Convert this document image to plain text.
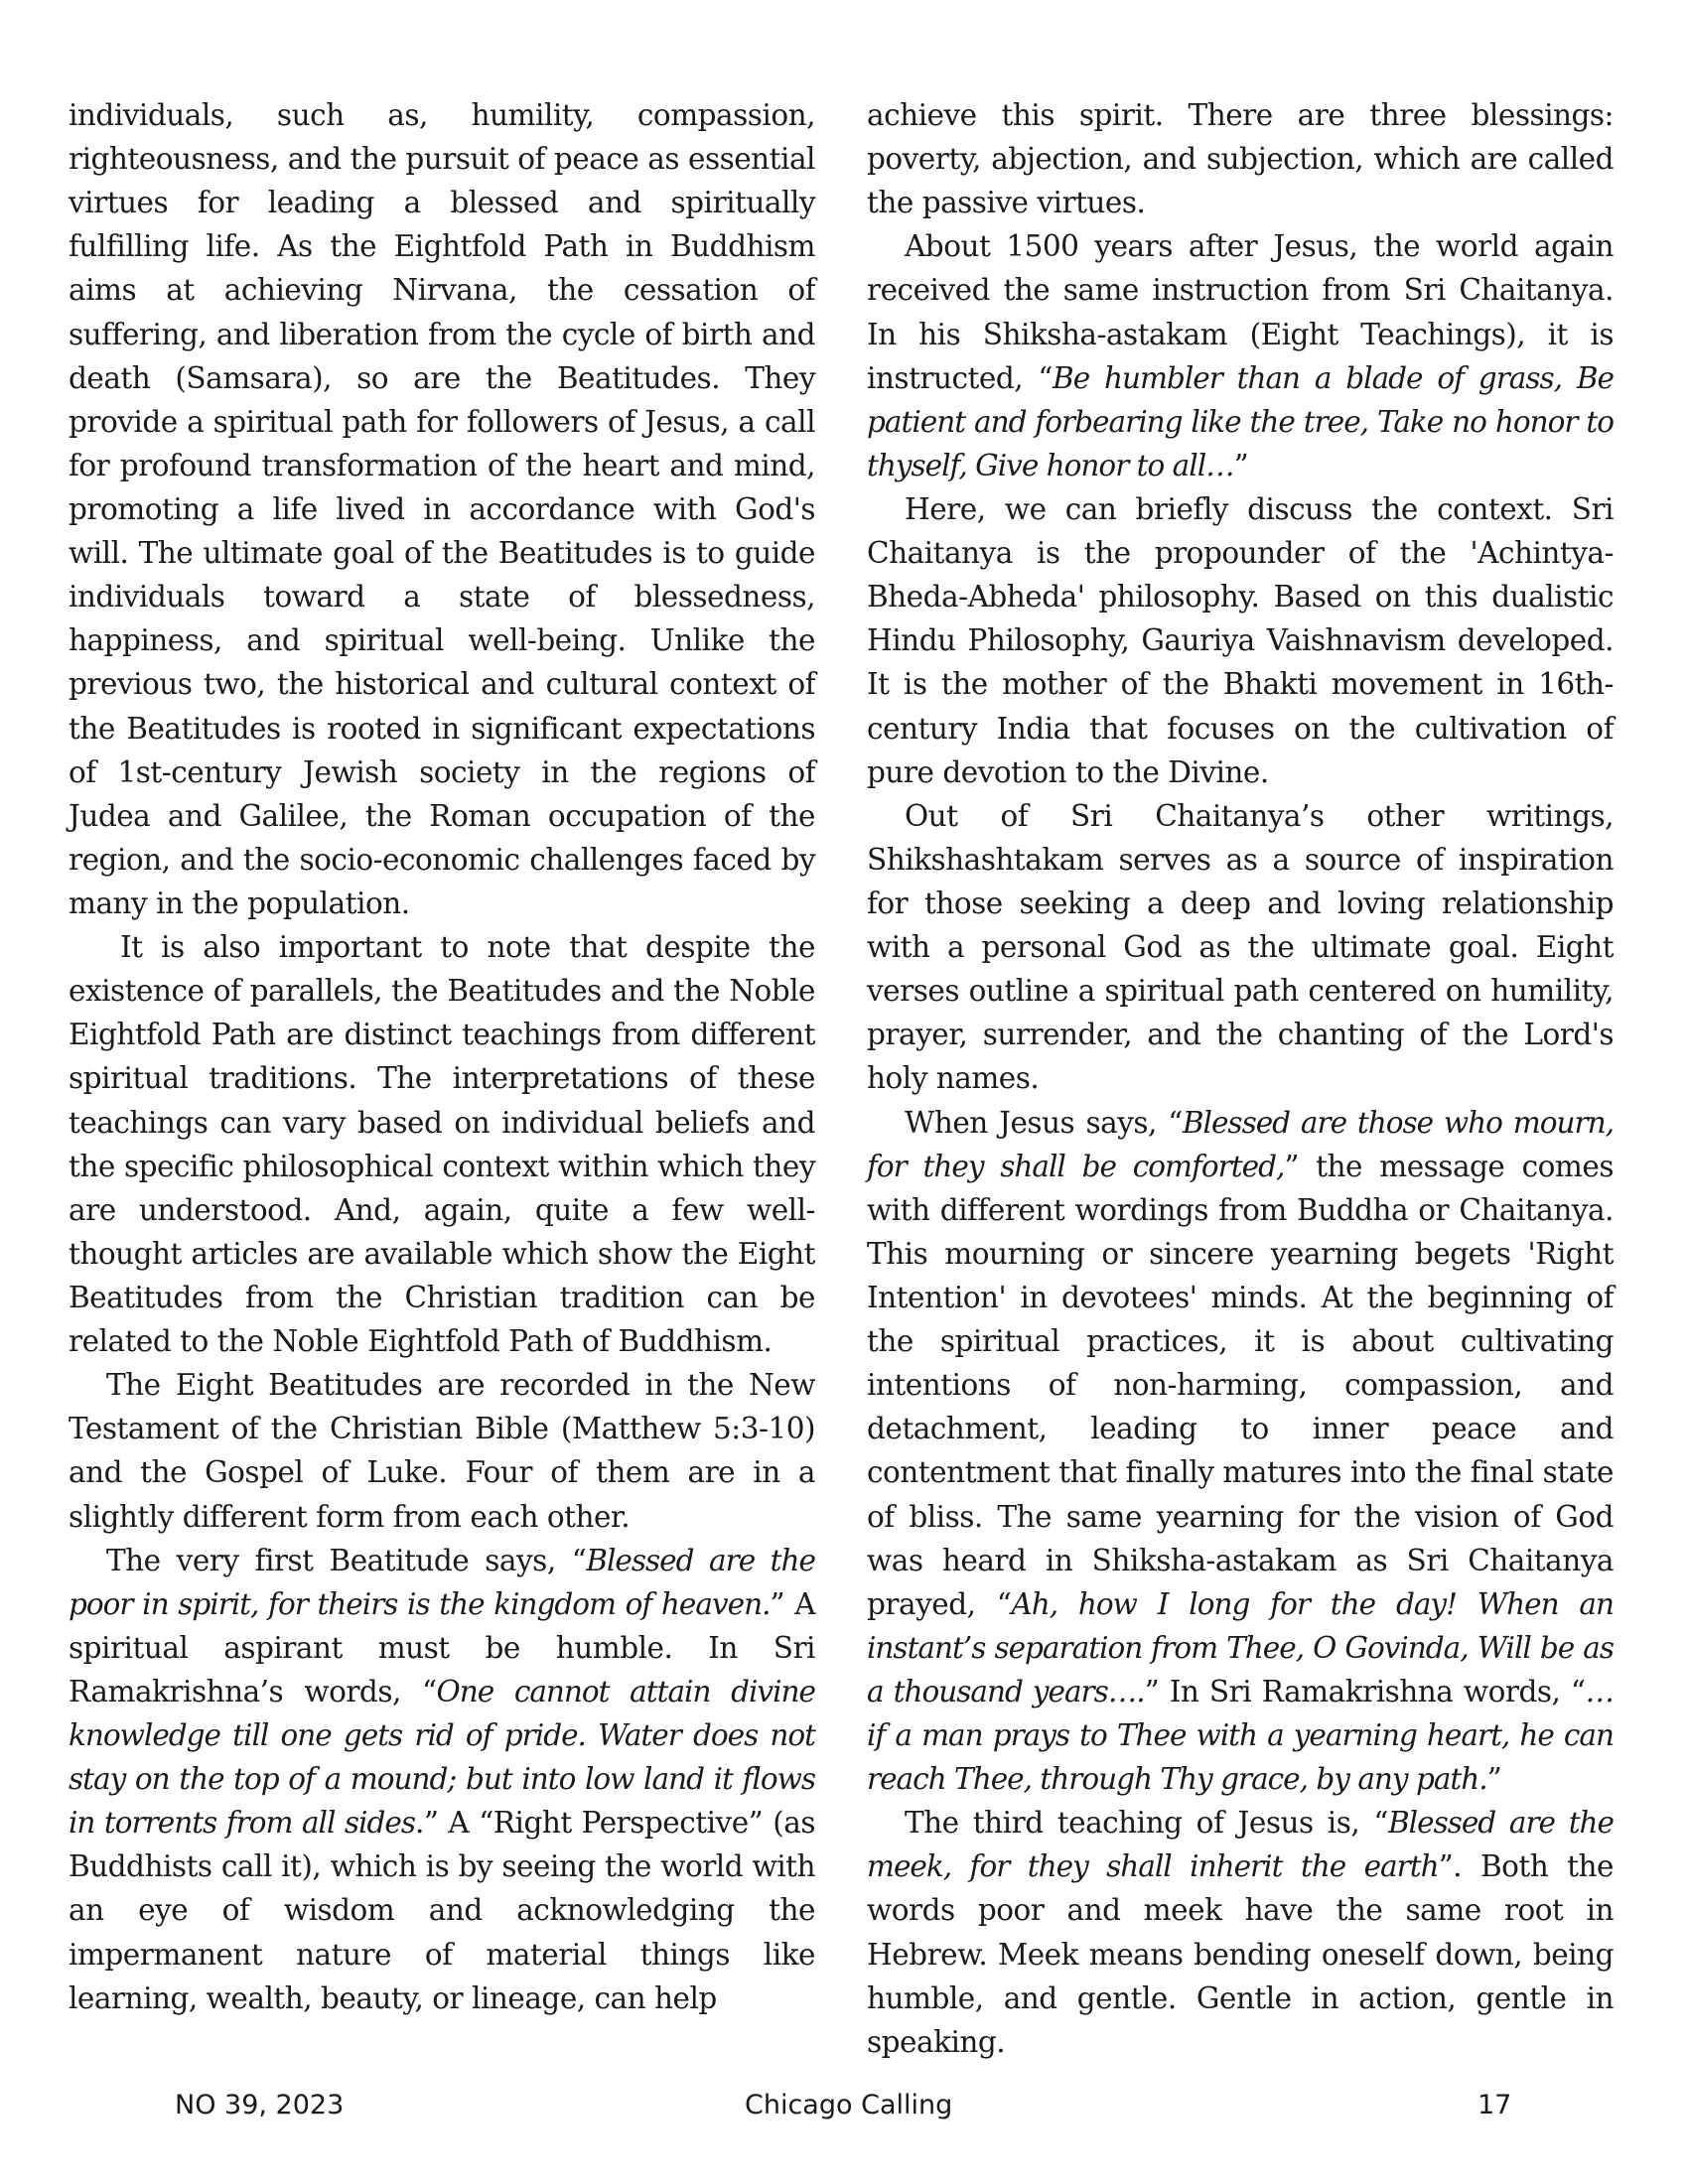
individuals, such as, humility, compassion, righteousness, and the pursuit of peace as essential virtues for leading a blessed and spiritually fulfilling life. As the Eightfold Path in Buddhism aims at achieving Nirvana, the cessation of suffering, and liberation from the cycle of birth and death (Samsara), so are the Beatitudes. They provide a spiritual path for followers of Jesus, a call for profound transformation of the heart and mind, promoting a life lived in accordance with God's will. The ultimate goal of the Beatitudes is to guide individuals toward a state of blessedness, happiness, and spiritual well-being. Unlike the previous two, the historical and cultural context of the Beatitudes is rooted in significant expectations of 1st-century Jewish society in the regions of Judea and Galilee, the Roman occupation of the region, and the socio-economic challenges faced by many in the population.

It is also important to note that despite the existence of parallels, the Beatitudes and the Noble Eightfold Path are distinct teachings from different spiritual traditions. The interpretations of these teachings can vary based on individual beliefs and the specific philosophical context within which they are understood. And, again, quite a few well-thought articles are available which show the Eight Beatitudes from the Christian tradition can be related to the Noble Eightfold Path of Buddhism.

The Eight Beatitudes are recorded in the New Testament of the Christian Bible (Matthew 5:3-10) and the Gospel of Luke. Four of them are in a slightly different form from each other.

The very first Beatitude says, “Blessed are the poor in spirit, for theirs is the kingdom of heaven.” A spiritual aspirant must be humble. In Sri Ramakrishna’s words, “One cannot attain divine knowledge till one gets rid of pride. Water does not stay on the top of a mound; but into low land it flows in torrents from all sides.” A “Right Perspective” (as Buddhists call it), which is by seeing the world with an eye of wisdom and acknowledging the impermanent nature of material things like learning, wealth, beauty, or lineage, can help

achieve this spirit. There are three blessings: poverty, abjection, and subjection, which are called the passive virtues.

About 1500 years after Jesus, the world again received the same instruction from Sri Chaitanya. In his Shiksha-astakam (Eight Teachings), it is instructed, “Be humbler than a blade of grass, Be patient and forbearing like the tree, Take no honor to thyself, Give honor to all…”

Here, we can briefly discuss the context. Sri Chaitanya is the propounder of the 'Achintya-Bheda-Abheda' philosophy. Based on this dualistic Hindu Philosophy, Gauriya Vaishnavism developed. It is the mother of the Bhakti movement in 16th-century India that focuses on the cultivation of pure devotion to the Divine.

Out of Sri Chaitanya’s other writings, Shikshashtakam serves as a source of inspiration for those seeking a deep and loving relationship with a personal God as the ultimate goal. Eight verses outline a spiritual path centered on humility, prayer, surrender, and the chanting of the Lord's holy names.

When Jesus says, “Blessed are those who mourn, for they shall be comforted,” the message comes with different wordings from Buddha or Chaitanya. This mourning or sincere yearning begets 'Right Intention' in devotees' minds. At the beginning of the spiritual practices, it is about cultivating intentions of non-harming, compassion, and detachment, leading to inner peace and contentment that finally matures into the final state of bliss. The same yearning for the vision of God was heard in Shiksha-astakam as Sri Chaitanya prayed, “Ah, how I long for the day! When an instant’s separation from Thee, O Govinda, Will be as a thousand years….” In Sri Ramakrishna words, “… if a man prays to Thee with a yearning heart, he can reach Thee, through Thy grace, by any path.”

The third teaching of Jesus is, “Blessed are the meek, for they shall inherit the earth”. Both the words poor and meek have the same root in Hebrew. Meek means bending oneself down, being humble, and gentle. Gentle in action, gentle in speaking.

NO 39, 2023	Chicago Calling	17
